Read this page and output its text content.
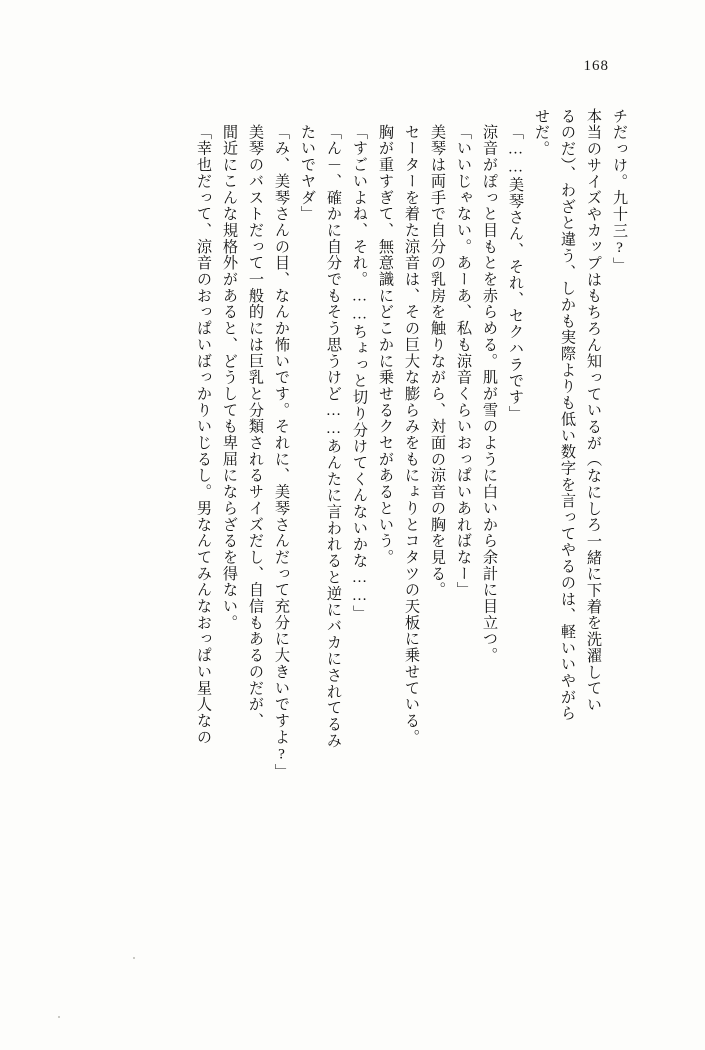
168
チだっけ。九十三?」
本当のサイズやカップはもちろん知っているが（なにしろ一緒に下着を洗濯してい
るのだ）、わざと違う、しかも実際よりも低い数字を言ってやるのは、軽いいやがら
せだ。
「……美琴さん、それ、セクハラです」
涼音がぽっと目もとを赤らめる。肌が雪のように白いから余計に目立つ。
「いいじゃない。あーあ、私も涼音くらいおっぱいあればなー」
美琴は両手で自分の乳房を触りながら、対面の涼音の胸を見る。
セーターを着た涼音は、その巨大な膨らみをもにょりとコタツの天板に乗せている。
胸が重すぎて、無意識にどこかに乗せるクセがあるという。
「すごいよね、それ。……ちょっと切り分けてくんないかな……」
「ん－、確かに自分でもそう思うけど……あんたに言われると逆にバカにされてるみ
たいでヤダ」
「み、美琴さんの目、なんか怖いです。それに、美琴さんだって充分に大きいですよ?」
美琴のバストだって一般的には巨乳と分類されるサイズだし、自信もあるのだが、
間近にこんな規格外があると、どうしても卑屈にならざるを得ない。
「幸也だって、涼音のおっぱいばっかりいじるし。男なんてみんなおっぱい星人なの
